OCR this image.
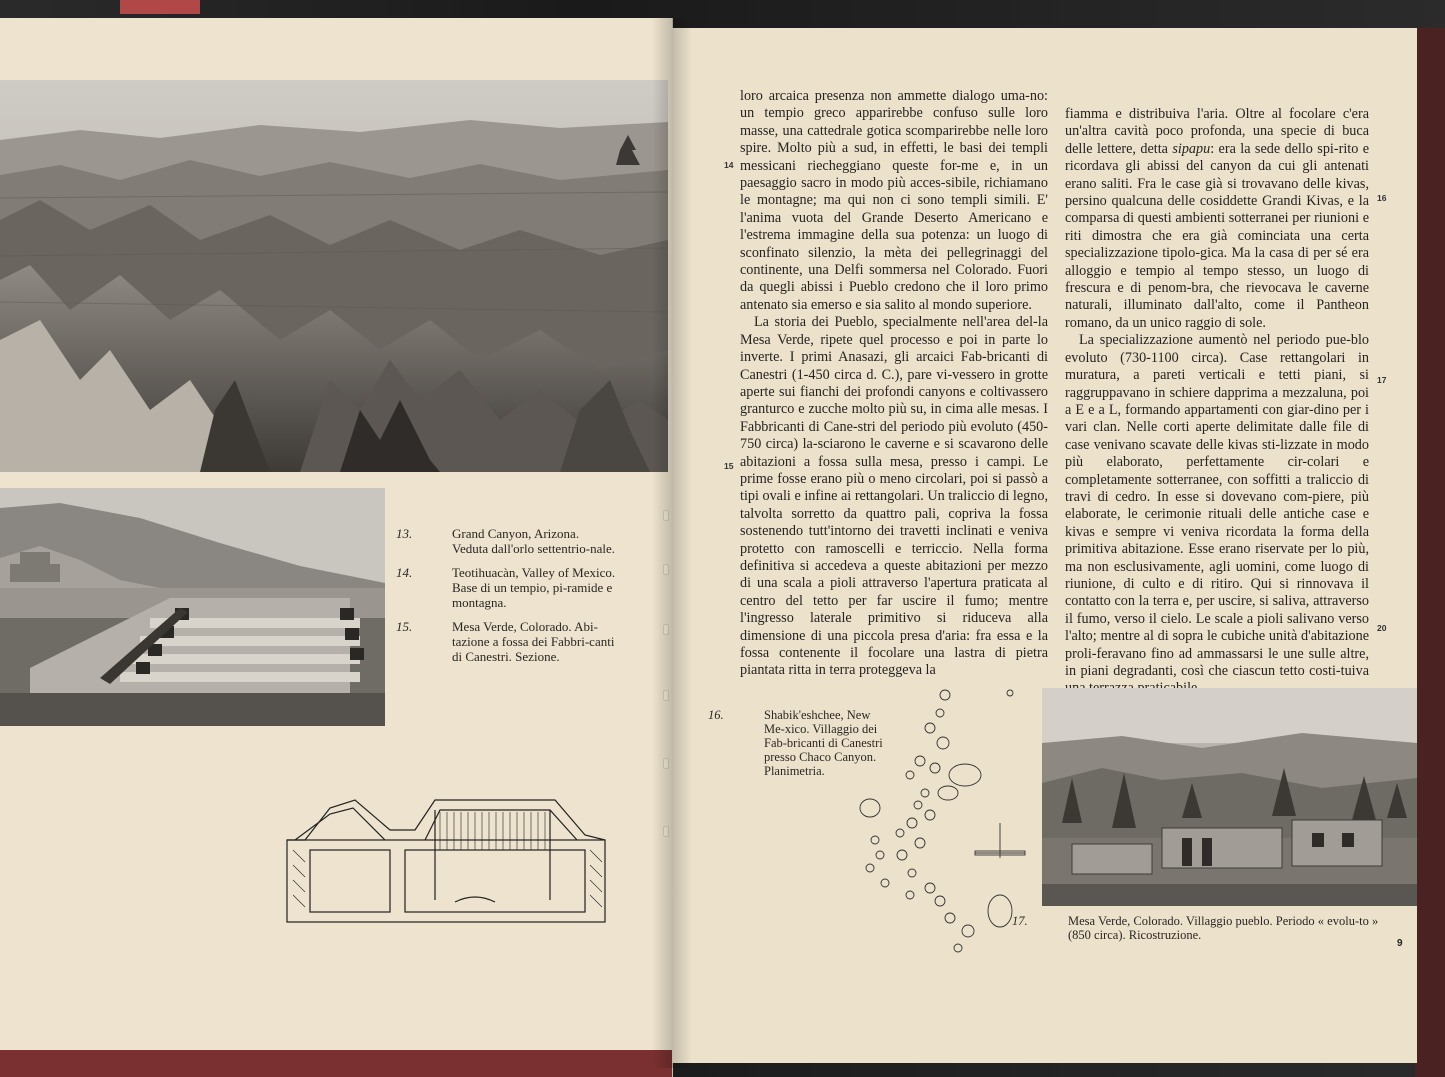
13.	Grand Canyon, Arizona. Veduta dall'orlo settentrio-nale.

14.	Teotihuacàn, Valley of Mexico. Base di un tempio, pi-ramide e montagna.

15.	Mesa Verde, Colorado. Abi-tazione a fossa dei Fabbri-canti di Canestri. Sezione.

loro arcaica presenza non ammette dialogo uma-no: un tempio greco apparirebbe confuso sulle loro masse, una cattedrale gotica scomparirebbe nelle loro spire. Molto più a sud, in effetti, le basi dei templi messicani riecheggiano queste for-me e, in un paesaggio sacro in modo più acces-sibile, richiamano le montagne; ma qui non ci sono templi simili. E' l'anima vuota del Grande Deserto Americano e l'estrema immagine della sua potenza: un luogo di sconfinato silenzio, la mèta dei pellegrinaggi del continente, una Delfi sommersa nel Colorado. Fuori da quegli abissi i Pueblo credono che il loro primo antenato sia emerso e sia salito al mondo superiore.

La storia dei Pueblo, specialmente nell'area del-la Mesa Verde, ripete quel processo e poi in parte lo inverte. I primi Anasazi, gli arcaici Fab-bricanti di Canestri (1-450 circa d. C.), pare vi-vessero in grotte aperte sui fianchi dei profondi canyons e coltivassero granturco e zucche molto più su, in cima alle mesas. I Fabbricanti di Cane-stri del periodo più evoluto (450-750 circa) la-sciarono le caverne e si scavarono delle abitazioni a fossa sulla mesa, presso i campi. Le prime fosse erano più o meno circolari, poi si passò a tipi ovali e infine ai rettangolari. Un traliccio di legno, talvolta sorretto da quattro pali, copriva la fossa sostenendo tutt'intorno dei travetti inclinati e veniva protetto con ramoscelli e terriccio. Nella forma definitiva si accedeva a queste abitazioni per mezzo di una scala a pioli attraverso l'apertura praticata al centro del tetto per far uscire il fumo; mentre l'ingresso laterale primitivo si riduceva alla dimensione di una piccola presa d'aria: fra essa e la fossa contenente il focolare una lastra di pietra piantata ritta in terra proteggeva la

fiamma e distribuiva l'aria. Oltre al focolare c'era un'altra cavità poco profonda, una specie di buca delle lettere, detta sipapu: era la sede dello spi-rito e ricordava gli abissi del canyon da cui gli antenati erano saliti. Fra le case già si trovavano delle kivas, persino qualcuna delle cosiddette Grandi Kivas, e la comparsa di questi ambienti sotterranei per riunioni e riti dimostra che era già cominciata una certa specializzazione tipolo-gica. Ma la casa di per sé era alloggio e tempio al tempo stesso, un luogo di frescura e di penom-bra, che rievocava le caverne naturali, illuminato dall'alto, come il Pantheon romano, da un unico raggio di sole.

La specializzazione aumentò nel periodo pue-blo evoluto (730-1100 circa). Case rettangolari in muratura, a pareti verticali e tetti piani, si raggruppavano in schiere dapprima a mezzaluna, poi a E e a L, formando appartamenti con giar-dino per i vari clan. Nelle corti aperte delimitate dalle file di case venivano scavate delle kivas sti-lizzate in modo più elaborato, perfettamente cir-colari e completamente sotterranee, con soffitti a traliccio di travi di cedro. In esse si dovevano com-piere, più elaborate, le cerimonie rituali delle antiche case e kivas e sempre vi veniva ricordata la forma della primitiva abitazione. Esse erano riservate per lo più, ma non esclusivamente, agli uomini, come luogo di riunione, di culto e di ritiro. Qui si rinnovava il contatto con la terra e, per uscire, si saliva, attraverso il fumo, verso il cielo. Le scale a pioli salivano verso l'alto; mentre al di sopra le cubiche unità d'abitazione proli-feravano fino ad ammassarsi le une sulle altre, in piani degradanti, così che ciascun tetto costi-tuiva

14
15
16
17
20

16.	Shabik'eshchee, New Me-xico. Villaggio dei Fab-bricanti di Canestri presso Chaco Canyon. Planimetria.

17.	Mesa Verde, Colorado. Villaggio pueblo. Periodo « evolu-to » (850 circa). Ricostruzione.

9
